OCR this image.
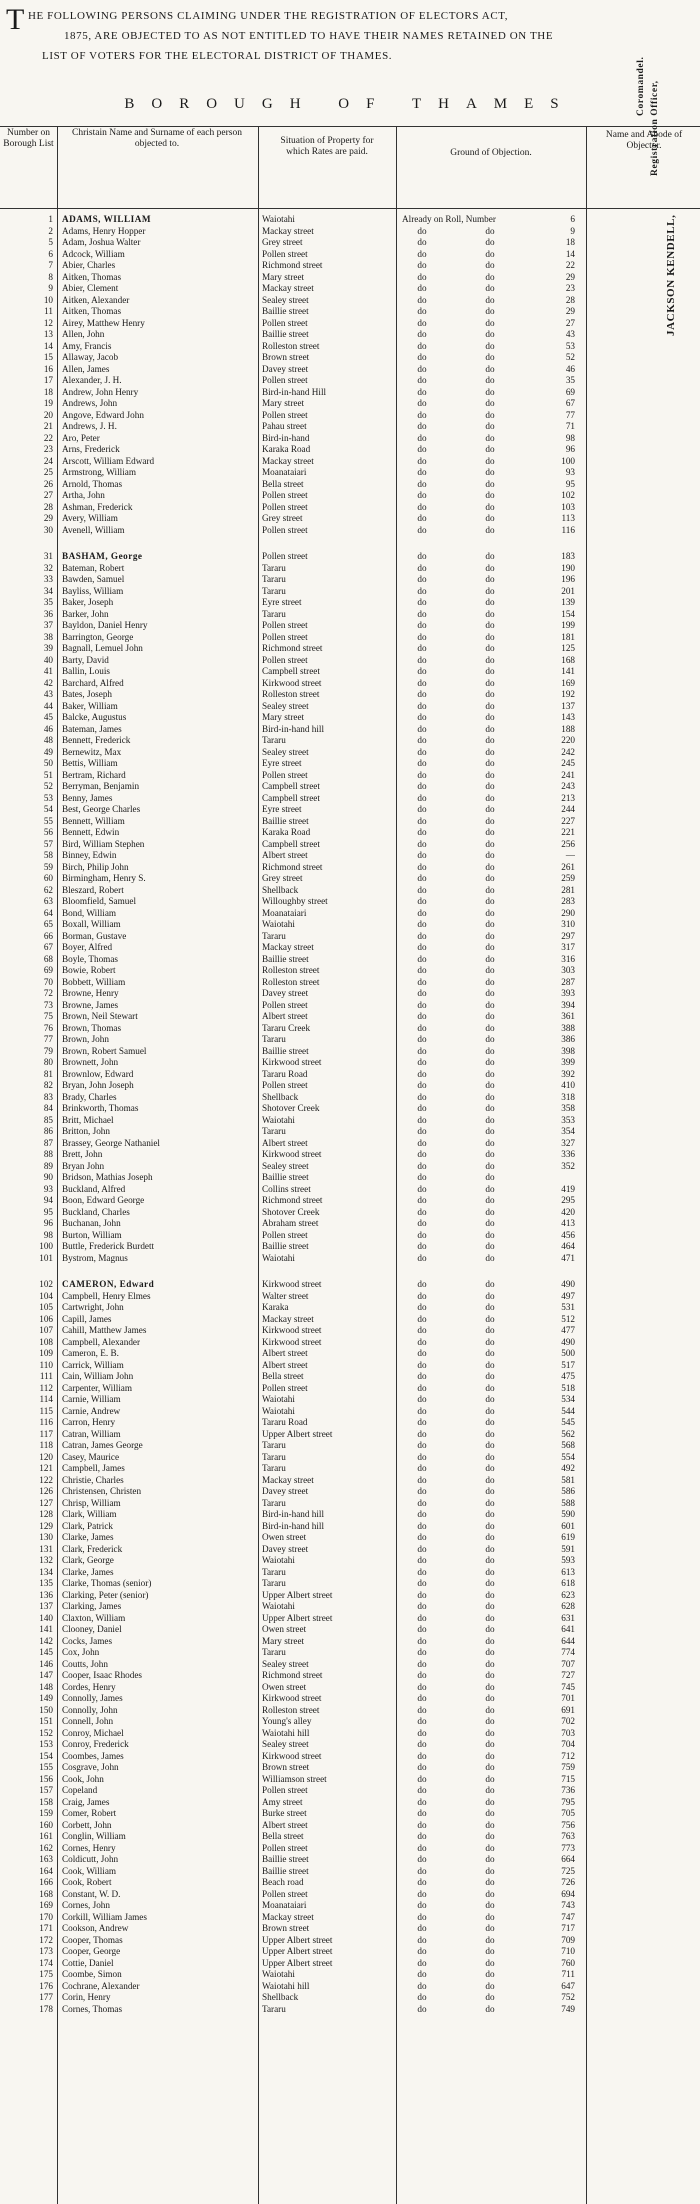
T HE FOLLOWING PERSONS CLAIMING UNDER THE REGISTRATION OF ELECTORS ACT,
1875, ARE OBJECTED TO AS NOT ENTITLED TO HAVE THEIR NAMES RETAINED ON THE
LIST OF VOTERS FOR THE ELECTORAL DISTRICT OF THAMES.
BOROUGH OF THAMES
Number on Borough List
Christain Name and Surname of each person objected to.	Situation of Property for which Rates are paid.	Ground of Objection.
Name and Abode of Objector.
1 ADAMS, WILLIAM	Waiotahi	Already on Roll, Number	6
2 Adams, Henry Hopper	Mackay street	do	do	9
5 Adam, Joshua Walter	Grey street	do	do	18
6 Adcock, William	Pollen street	do	do	14
7 Abier, Charles	Richmond street	do	do	22
8 Aitken, Thomas	Mary street	do	do	29
9 Abier, Clement	Mackay street	do	do	23
10 Aitken, Alexander	Sealey street	do	do	28
11 Aitken, Thomas	Baillie street	do	do	29
12 Airey, Matthew Henry	Pollen street	do	do	27
13 Allen, John	Baillie street	do	do	43
14 Amy, Francis	Rolleston street	do	do	53
15 Allaway, Jacob	Brown street	do	do	52
16 Allen, James	Davey street	do	do	46
17 Alexander, J. H.	Pollen street	do	do	35
18 Andrew, John Henry	Bird-in-hand Hill	do	do	69
19 Andrews, John	Mary street	do	do	67
20 Angove, Edward John	Pollen street	do	do	77
21 Andrews, J. H.	Pahau street	do	do	71
22 Aro, Peter	Bird-in-hand	do	do	98
23 Arns, Frederick	Karaka Road	do	do	96
24 Arscott, William Edward	Mackay street	do	do	100
25 Armstrong, William	Moanataiari	do	do	93
26 Arnold, Thomas	Bella street	do	do	95
27 Artha, John	Pollen street	do	do	102
28 Ashman, Frederick	Pollen street	do	do	103
29 Avery, William	Grey street	do	do	113
30 Avenell, William	Pollen street	do	do	116
31 BASHAM, George	Pollen street	do	do	183
32 Bateman, Robert	Tararu	do	do	190
33 Bawden, Samuel	Tararu	do	do	196
34 Bayliss, William	Tararu	do	do	201
35 Baker, Joseph	Eyre street	do	do	139
36 Barker, John	Tararu	do	do	154
37 Bayldon, Daniel Henry	Pollen street	do	do	199
38 Barrington, George	Pollen street	do	do	181
39 Bagnall, Lemuel John	Richmond street	do	do	125
40 Barty, David	Pollen street	do	do	168
41 Ballin, Louis	Campbell street	do	do	141
42 Barchard, Alfred	Kirkwood street	do	do	169
43 Bates, Joseph	Rolleston street	do	do	192
44 Baker, William	Sealey street	do	do	137
45 Balcke, Augustus	Mary street	do	do	143
46 Bateman, James	Bird-in-hand hill	do	do	188
48 Bennett, Frederick	Tararu	do	do	220
49 Bernewitz, Max	Sealey street	do	do	242
50 Bettis, William	Eyre street	do	do	245
51 Bertram, Richard	Pollen street	do	do	241
52 Berryman, Benjamin	Campbell street	do	do	243
53 Benny, James	Campbell street	do	do	213
54 Best, George Charles	Eyre street	do	do	244
55 Bennett, William	Baillie street	do	do	227
56 Bennett, Edwin	Karaka Road	do	do	221
57 Bird, William Stephen	Campbell street	do	do	256
58 Binney, Edwin	Albert street	do	do	—
59 Birch, Philip John	Richmond street	do	do	261
60 Birmingham, Henry S.	Grey street	do	do	259
62 Bleszard, Robert	Shellback	do	do	281
63 Bloomfield, Samuel	Willoughby street	do	do	283
64 Bond, William	Moanataiari	do	do	290
65 Boxall, William	Waiotahi	do	do	310
66 Borman, Gustave	Tararu	do	do	297
67 Boyer, Alfred	Mackay street	do	do	317
68 Boyle, Thomas	Baillie street	do	do	316
69 Bowie, Robert	Rolleston street	do	do	303
70 Bobbett, William	Rolleston street	do	do	287
72 Browne, Henry	Davey street	do	do	393
73 Browne, James	Pollen street	do	do	394
75 Brown, Neil Stewart	Albert street	do	do	361
76 Brown, Thomas	Tararu Creek	do	do	388
77 Brown, John	Tararu	do	do	386
79 Brown, Robert Samuel	Baillie street	do	do	398
80 Brownett, John	Kirkwood street	do	do	399
81 Brownlow, Edward	Tararu Road	do	do	392
82 Bryan, John Joseph	Pollen street	do	do	410
83 Brady, Charles	Shellback	do	do	318
84 Brinkworth, Thomas	Shotover Creek	do	do	358
85 Britt, Michael	Waiotahi	do	do	353
86 Britton, John	Tararu	do	do	354
87 Brassey, George Nathaniel	Albert street	do	do	327
88 Brett, John	Kirkwood street	do	do	336
89 Bryan John	Sealey street	do	do	352
90 Bridson, Mathias Joseph	Baillie street	do	do
93 Buckland, Alfred	Collins street	do	do	419
94 Boon, Edward George	Richmond street	do	do	295
95 Buckland, Charles	Shotover Creek	do	do	420
96 Buchanan, John	Abraham street	do	do	413
98 Burton, William	Pollen street	do	do	456
100 Buttle, Frederick Burdett	Baillie street	do	do	464
101 Bystrom, Magnus	Waiotahi	do	do	471
102 CAMERON, Edward	Kirkwood street	do	do	490
104 Campbell, Henry Elmes	Walter street	do	do	497
105 Cartwright, John	Karaka	do	do	531
106 Capill, James	Mackay street	do	do	512
107 Cahill, Matthew James	Kirkwood street	do	do	477
108 Campbell, Alexander	Kirkwood street	do	do	490
109 Cameron, E. B.	Albert street	do	do	500
110 Carrick, William	Albert street	do	do	517
111 Cain, William John	Bella street	do	do	475
112 Carpenter, William	Pollen street	do	do	518
114 Carnie, William	Waiotahi	do	do	534
115 Carnie, Andrew	Waiotahi	do	do	544
116 Carron, Henry	Tararu Road	do	do	545
117 Catran, William	Upper Albert street	do	do	562
118 Catran, James George	Tararu	do	do	568
120 Casey, Maurice	Tararu	do	do	554
121 Campbell, James	Tararu	do	do	492
122 Christie, Charles	Mackay street	do	do	581
126 Christensen, Christen	Davey street	do	do	586
127 Chrisp, William	Tararu	do	do	588
128 Clark, William	Bird-in-hand hill	do	do	590
129 Clark, Patrick	Bird-in-hand hill	do	do	601
130 Clarke, James	Owen street	do	do	619
131 Clark, Frederick	Davey street	do	do	591
132 Clark, George	Waiotahi	do	do	593
134 Clarke, James	Tararu	do	do	613
135 Clarke, Thomas (senior)	Tararu	do	do	618
136 Clarking, Peter (senior)	Upper Albert street	do	do	623
137 Clarking, James	Waiotahi	do	do	628
140 Claxton, William	Upper Albert street	do	do	631
141 Clooney, Daniel	Owen street	do	do	641
142 Cocks, James	Mary street	do	do	644
145 Cox, John	Tararu	do	do	774
146 Coutts, John	Sealey street	do	do	707
147 Cooper, Isaac Rhodes	Richmond street	do	do	727
148 Cordes, Henry	Owen street	do	do	745
149 Connolly, James	Kirkwood street	do	do	701
150 Connolly, John	Rolleston street	do	do	691
151 Connell, John	Young's alley	do	do	702
152 Conroy, Michael	Waiotahi hill	do	do	703
153 Conroy, Frederick	Sealey street	do	do	704
154 Coombes, James	Kirkwood street	do	do	712
155 Cosgrave, John	Brown street	do	do	759
156 Cook, John	Williamson street	do	do	715
157 Copeland	Pollen street	do	do	736
158 Craig, James	Amy street	do	do	795
159 Comer, Robert	Burke street	do	do	705
160 Corbett, John	Albert street	do	do	756
161 Conglin, William	Bella street	do	do	763
162 Cornes, Henry	Pollen street	do	do	773
163 Coldicutt, John	Baillie street	do	do	664
164 Cook, William	Baillie street	do	do	725
166 Cook, Robert	Beach road	do	do	726
168 Constant, W. D.	Pollen street	do	do	694
169 Cornes, John	Moanataiari	do	do	743
170 Corkill, William James	Mackay street	do	do	747
171 Cookson, Andrew	Brown street	do	do	717
172 Cooper, Thomas	Upper Albert street	do	do	709
173 Cooper, George	Upper Albert street	do	do	710
174 Cottie, Daniel	Upper Albert street	do	do	760
175 Coombe, Simon	Waiotahi	do	do	711
176 Cochrane, Alexander	Waiotahi hill	do	do	647
177 Corin, Henry	Shellback	do	do	752
178 Cornes, Thomas	Tararu	do	do	749
JACKSON KENDELL,
Registration Officer,
Coromandel.
